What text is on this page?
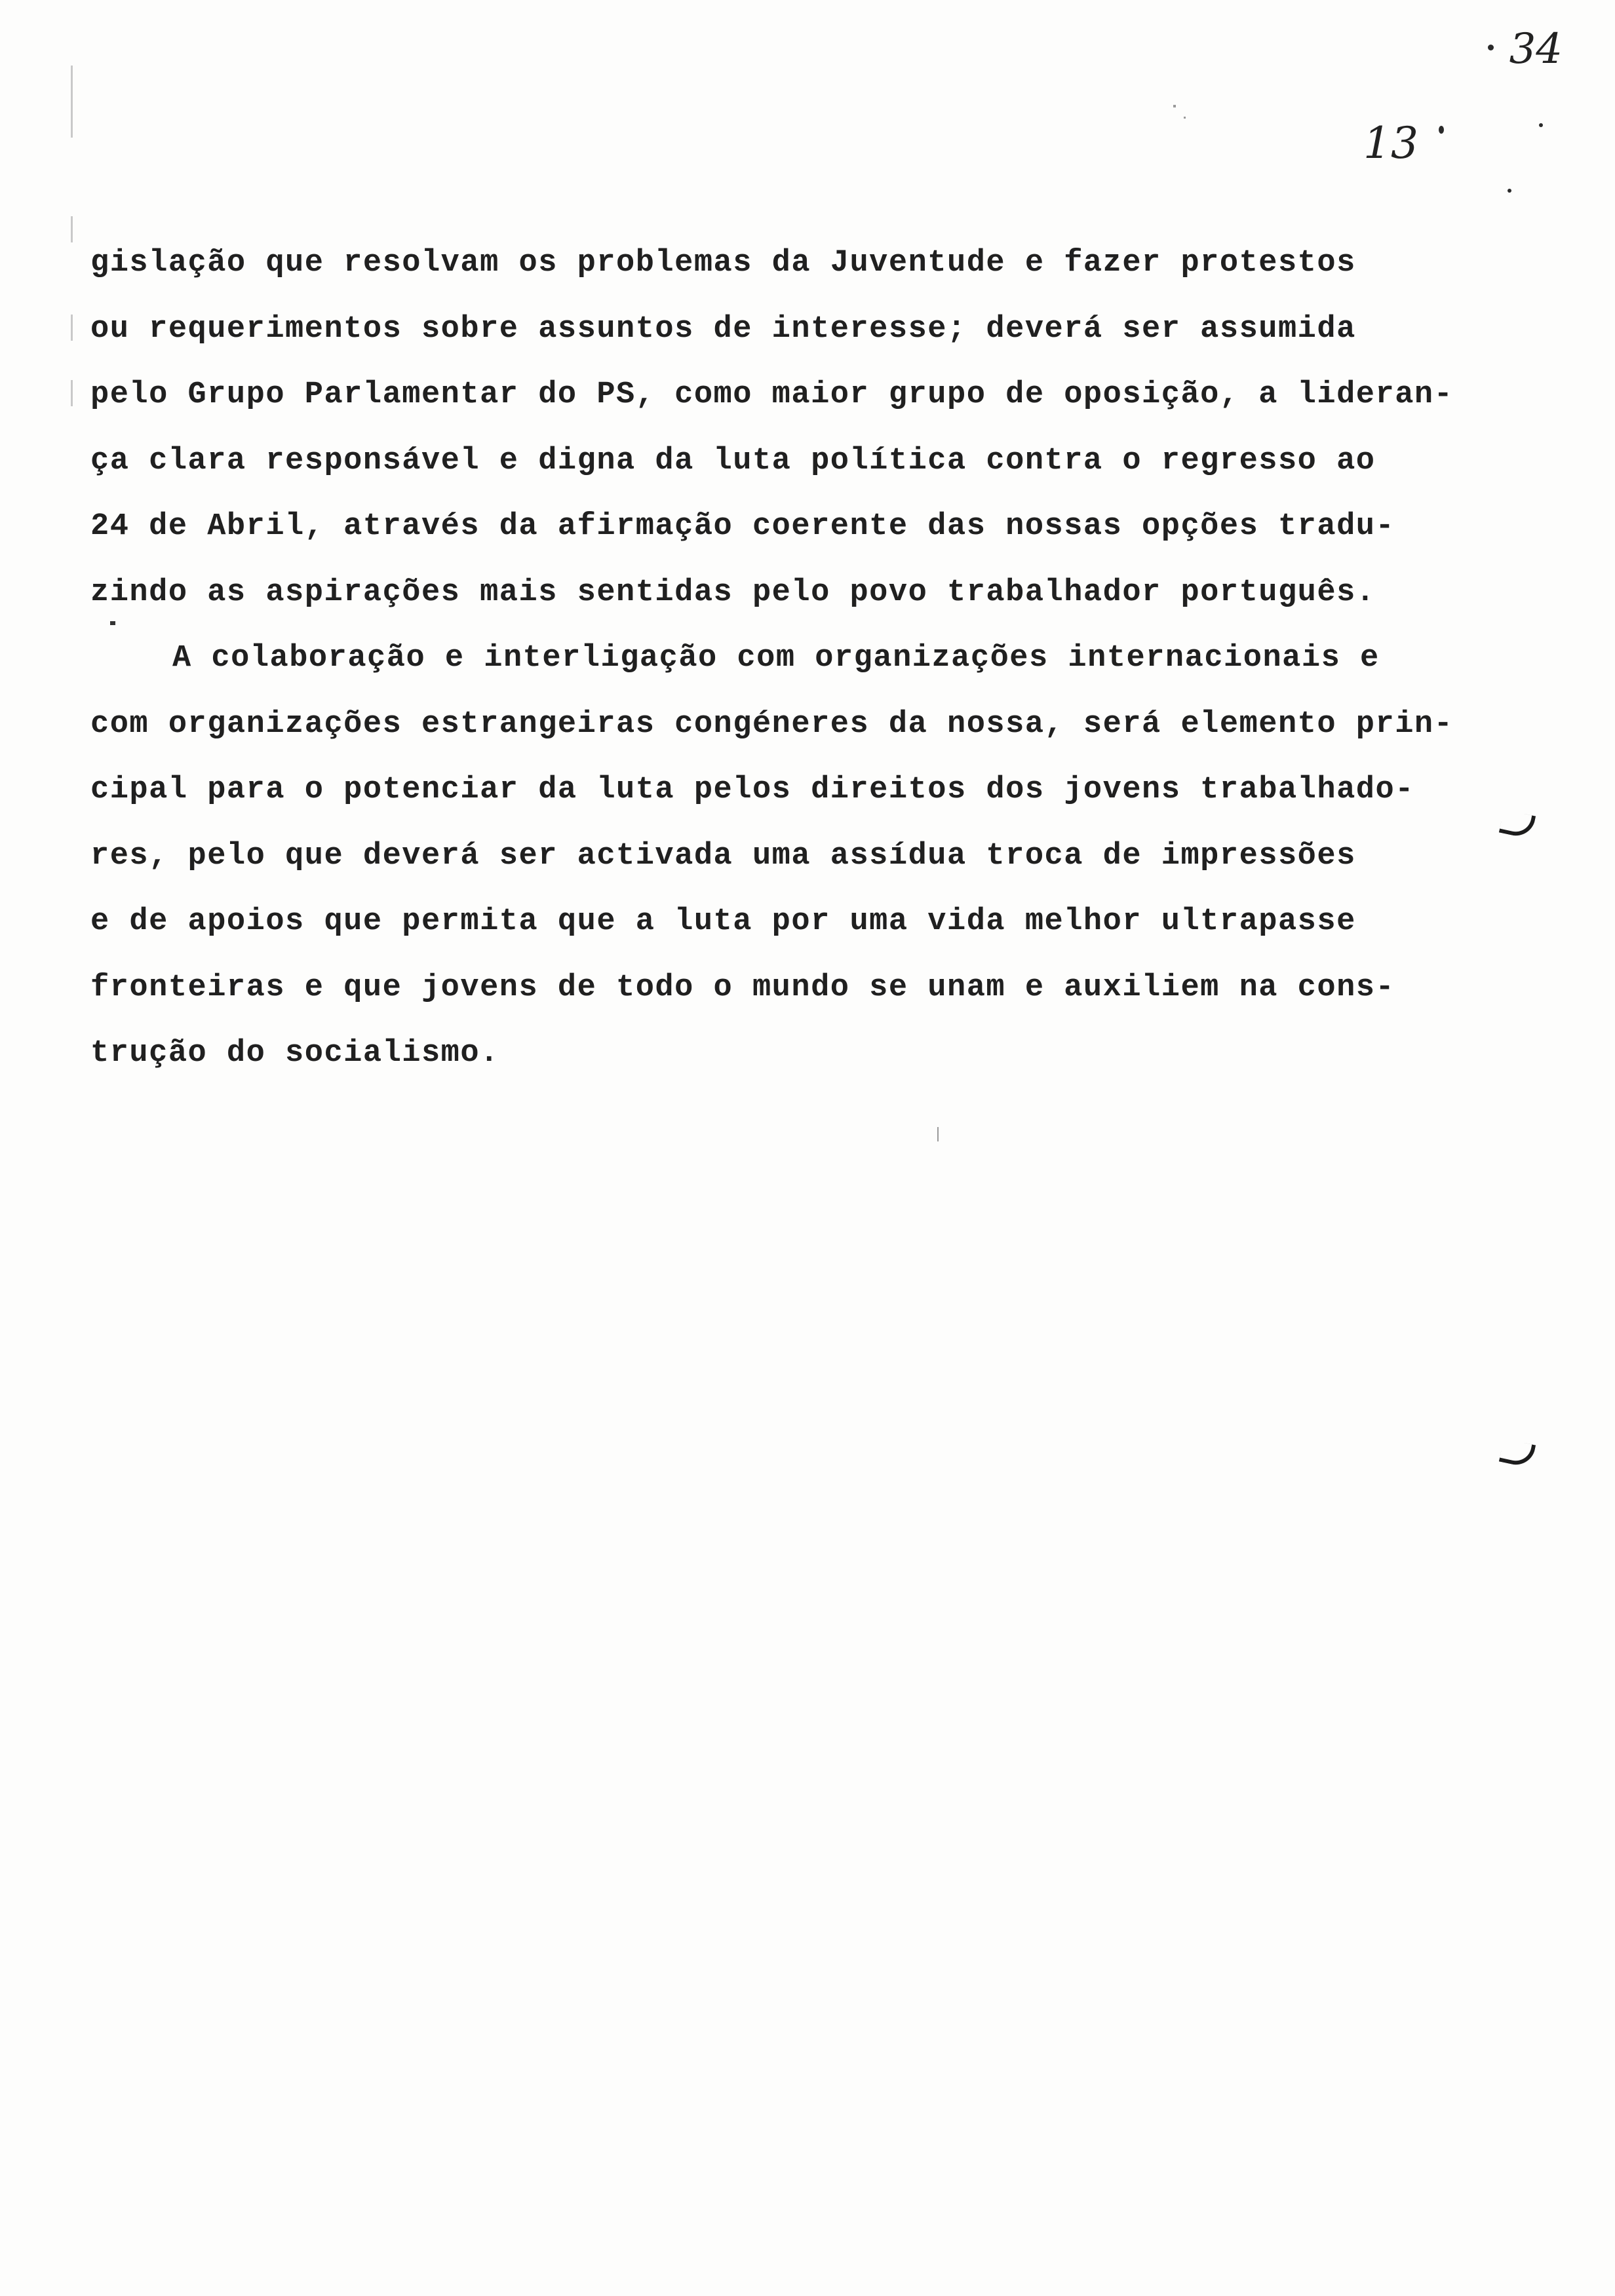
34
13
gislação que resolvam os problemas da Juventude e fazer protestos
ou requerimentos sobre assuntos de interesse; deverá ser assumida
pelo Grupo Parlamentar do PS, como maior grupo de oposição, a lideran-
ça clara responsável e digna da luta política contra o regresso ao
24 de Abril, através da afirmação coerente das nossas opções tradu-
zindo as aspirações mais sentidas pelo povo trabalhador português.
A colaboração e interligação com organizações internacionais e
com organizações estrangeiras congéneres da nossa, será elemento prin-
cipal para o potenciar da luta pelos direitos dos jovens trabalhado-
res, pelo que deverá ser activada uma assídua troca de impressões
e de apoios que permita que a luta por uma vida melhor ultrapasse
fronteiras e que jovens de todo o mundo se unam e auxiliem na cons-
trução do socialismo.
